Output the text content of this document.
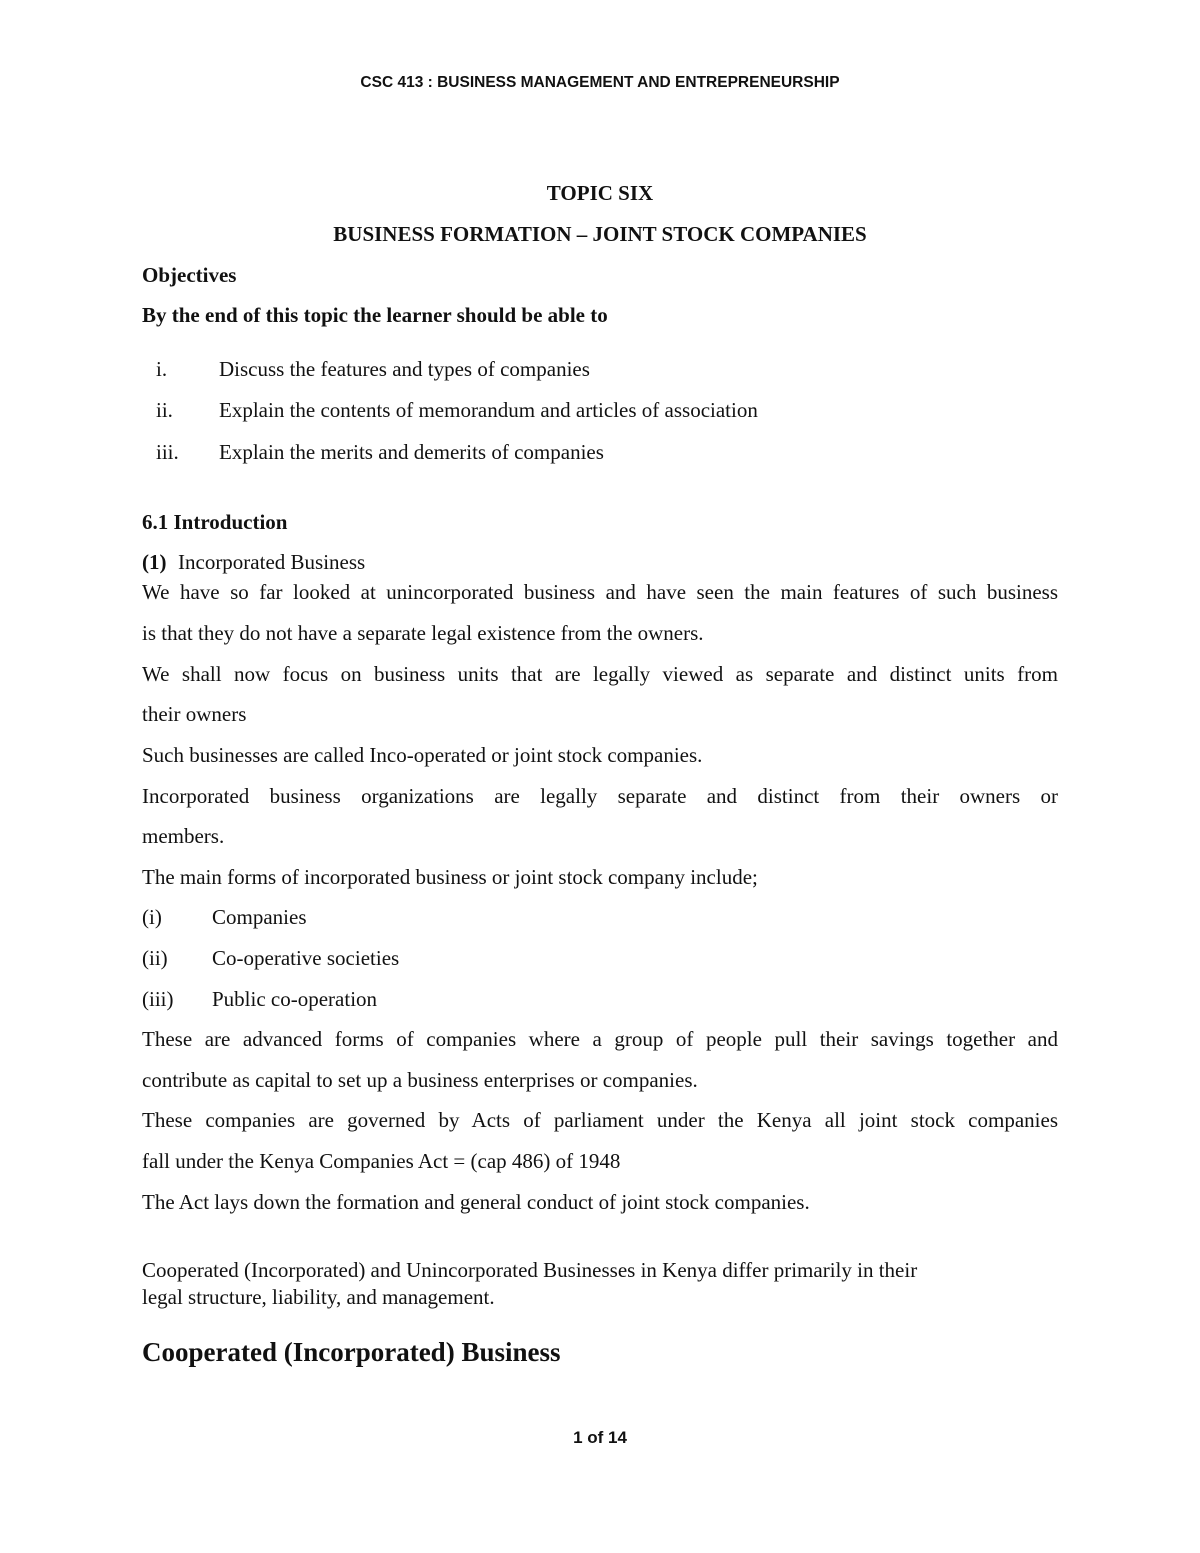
CSC 413 : BUSINESS MANAGEMENT AND ENTREPRENEURSHIP
TOPIC SIX
BUSINESS FORMATION – JOINT STOCK COMPANIES
Objectives
By the end of this topic the learner should be able to
i. Discuss the features and types of companies
ii. Explain the contents of memorandum and articles of association
iii. Explain the merits and demerits of companies
6.1 Introduction
(1) Incorporated Business
We have so far looked at unincorporated business and have seen the main features of such business
is that they do not have a separate legal existence from the owners.
We shall now focus on business units that are legally viewed as separate and distinct units from
their owners
Such businesses are called Inco-operated or joint stock companies.
Incorporated business organizations are legally separate and distinct from their owners or
members.
The main forms of incorporated business or joint stock company include;
(i) Companies
(ii) Co-operative societies
(iii) Public co-operation
These are advanced forms of companies where a group of people pull their savings together and
contribute as capital to set up a business enterprises or companies.
These companies are governed by Acts of parliament under the Kenya all joint stock companies
fall under the Kenya Companies Act = (cap 486) of 1948
The Act lays down the formation and general conduct of joint stock companies.
Cooperated (Incorporated) and Unincorporated Businesses in Kenya differ primarily in their
legal structure, liability, and management.
Cooperated (Incorporated) Business
1 of 14
